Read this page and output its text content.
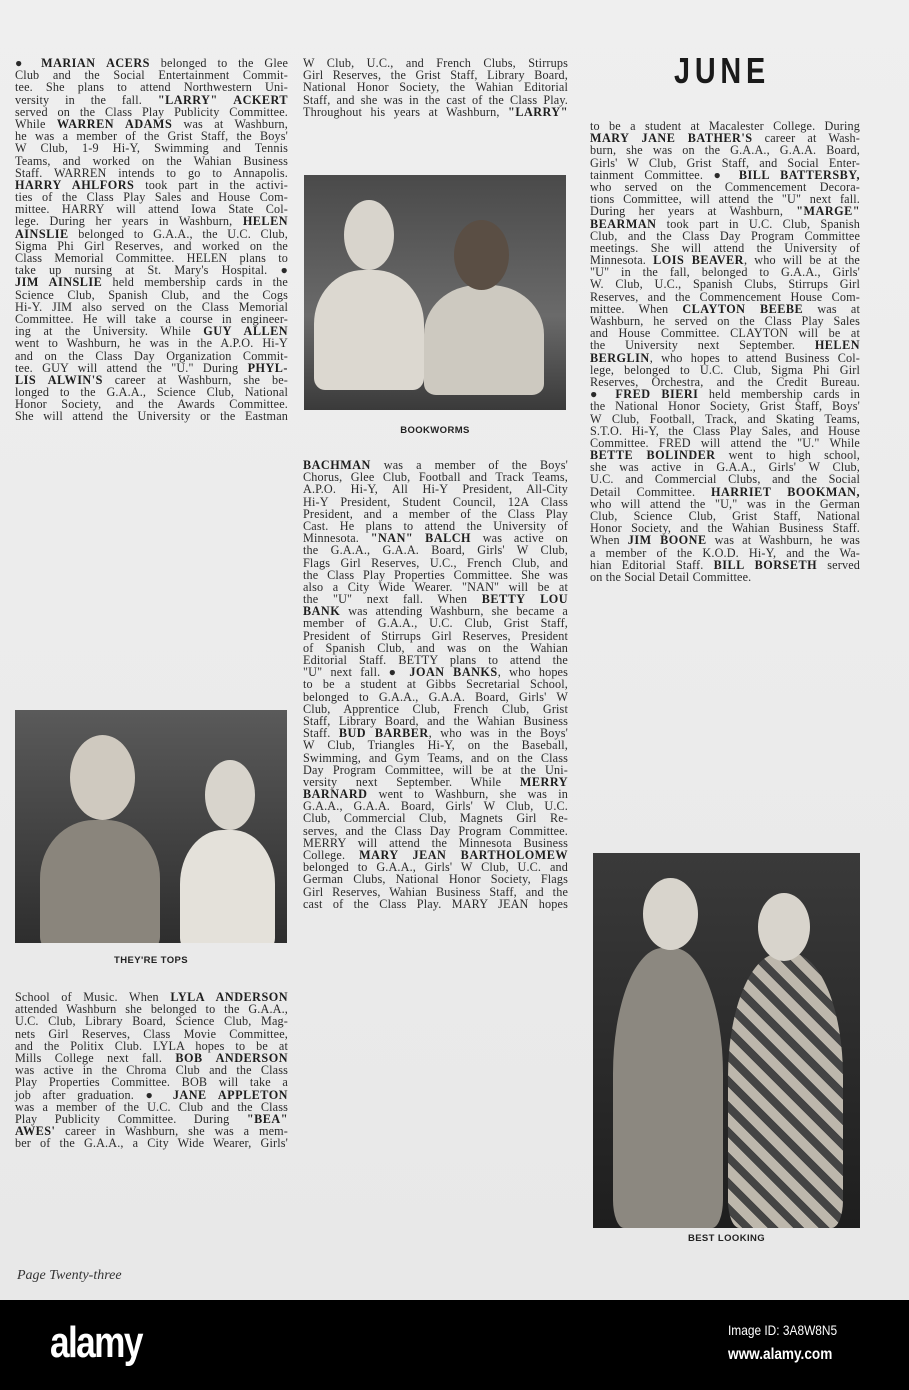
JUNE
● MARIAN ACERS belonged to the Glee
Club and the Social Entertainment Commit-
tee. She plans to attend Northwestern Uni-
versity in the fall. "LARRY" ACKERT
served on the Class Play Publicity Committee.
While WARREN ADAMS was at Washburn,
he was a member of the Grist Staff, the Boys'
W Club, 1-9 Hi-Y, Swimming and Tennis
Teams, and worked on the Wahian Business
Staff. WARREN intends to go to Annapolis.
HARRY AHLFORS took part in the activi-
ties of the Class Play Sales and House Com-
mittee. HARRY will attend Iowa State Col-
lege. During her years in Washburn, HELEN
AINSLIE belonged to G.A.A., the U.C. Club,
Sigma Phi Girl Reserves, and worked on the
Class Memorial Committee. HELEN plans to
take up nursing at St. Mary's Hospital. ●
JIM AINSLIE held membership cards in the
Science Club, Spanish Club, and the Cogs
Hi-Y. JIM also served on the Class Memorial
Committee. He will take a course in engineer-
ing at the University. While GUY ALLEN
went to Washburn, he was in the A.P.O. Hi-Y
and on the Class Day Organization Commit-
tee. GUY will attend the "U." During PHYL-
LIS ALWIN'S career at Washburn, she be-
longed to the G.A.A., Science Club, National
Honor Society, and the Awards Committee.
She will attend the University or the Eastman
School of Music. When LYLA ANDERSON
attended Washburn she belonged to the G.A.A.,
U.C. Club, Library Board, Science Club, Mag-
nets Girl Reserves, Class Movie Committee,
and the Politix Club. LYLA hopes to be at
Mills College next fall. BOB ANDERSON
was active in the Chroma Club and the Class
Play Properties Committee. BOB will take a
job after graduation. ● JANE APPLETON
was a member of the U.C. Club and the Class
Play Publicity Committee. During "BEA"
AWES' career in Washburn, she was a mem-
ber of the G.A.A., a City Wide Wearer, Girls'
W Club, U.C., and French Clubs, Stirrups
Girl Reserves, the Grist Staff, Library Board,
National Honor Society, the Wahian Editorial
Staff, and she was in the cast of the Class Play.
Throughout his years at Washburn, "LARRY"
BACHMAN was a member of the Boys'
Chorus, Glee Club, Football and Track Teams,
A.P.O. Hi-Y, All Hi-Y President, All-City
Hi-Y President, Student Council, 12A Class
President, and a member of the Class Play
Cast. He plans to attend the University of
Minnesota. "NAN" BALCH was active on
the G.A.A., G.A.A. Board, Girls' W Club,
Flags Girl Reserves, U.C., French Club, and
the Class Play Properties Committee. She was
also a City Wide Wearer. "NAN" will be at
the "U" next fall. When BETTY LOU
BANK was attending Washburn, she became a
member of G.A.A., U.C. Club, Grist Staff,
President of Stirrups Girl Reserves, President
of Spanish Club, and was on the Wahian
Editorial Staff. BETTY plans to attend the
"U" next fall. ● JOAN BANKS, who hopes
to be a student at Gibbs Secretarial School,
belonged to G.A.A., G.A.A. Board, Girls' W
Club, Apprentice Club, French Club, Grist
Staff, Library Board, and the Wahian Business
Staff. BUD BARBER, who was in the Boys'
W Club, Triangles Hi-Y, on the Baseball,
Swimming, and Gym Teams, and on the Class
Day Program Committee, will be at the Uni-
versity next September. While MERRY
BARNARD went to Washburn, she was in
G.A.A., G.A.A. Board, Girls' W Club, U.C.
Club, Commercial Club, Magnets Girl Re-
serves, and the Class Day Program Committee.
MERRY will attend the Minnesota Business
College. MARY JEAN BARTHOLOMEW
belonged to G.A.A., Girls' W Club, U.C. and
German Clubs, National Honor Society, Flags
Girl Reserves, Wahian Business Staff, and the
cast of the Class Play. MARY JEAN hopes
to be a student at Macalester College. During
MARY JANE BATHER'S career at Wash-
burn, she was on the G.A.A., G.A.A. Board,
Girls' W Club, Grist Staff, and Social Enter-
tainment Committee. ● BILL BATTERSBY,
who served on the Commencement Decora-
tions Committee, will attend the "U" next fall.
During her years at Washburn, "MARGE"
BEARMAN took part in U.C. Club, Spanish
Club, and the Class Day Program Committee
meetings. She will attend the University of
Minnesota. LOIS BEAVER, who will be at the
"U" in the fall, belonged to G.A.A., Girls'
W. Club, U.C., Spanish Clubs, Stirrups Girl
Reserves, and the Commencement House Com-
mittee. When CLAYTON BEEBE was at
Washburn, he served on the Class Play Sales
and House Committee. CLAYTON will be at
the University next September. HELEN
BERGLIN, who hopes to attend Business Col-
lege, belonged to U.C. Club, Sigma Phi Girl
Reserves, Orchestra, and the Credit Bureau.
● FRED BIERI held membership cards in
the National Honor Society, Grist Staff, Boys'
W Club, Football, Track, and Skating Teams,
S.T.O. Hi-Y, the Class Play Sales, and House
Committee. FRED will attend the "U." While
BETTE BOLINDER went to high school,
she was active in G.A.A., Girls' W Club,
U.C. and Commercial Clubs, and the Social
Detail Committee. HARRIET BOOKMAN,
who will attend the "U," was in the German
Club, Science Club, Grist Staff, National
Honor Society, and the Wahian Business Staff.
When JIM BOONE was at Washburn, he was
a member of the K.O.D. Hi-Y, and the Wa-
hian Editorial Staff. BILL BORSETH served
on the Social Detail Committee.
THEY'RE TOPS
BOOKWORMS
BEST LOOKING
Page Twenty-three
alamy	Image ID: 3A8W8N5
www.alamy.com
